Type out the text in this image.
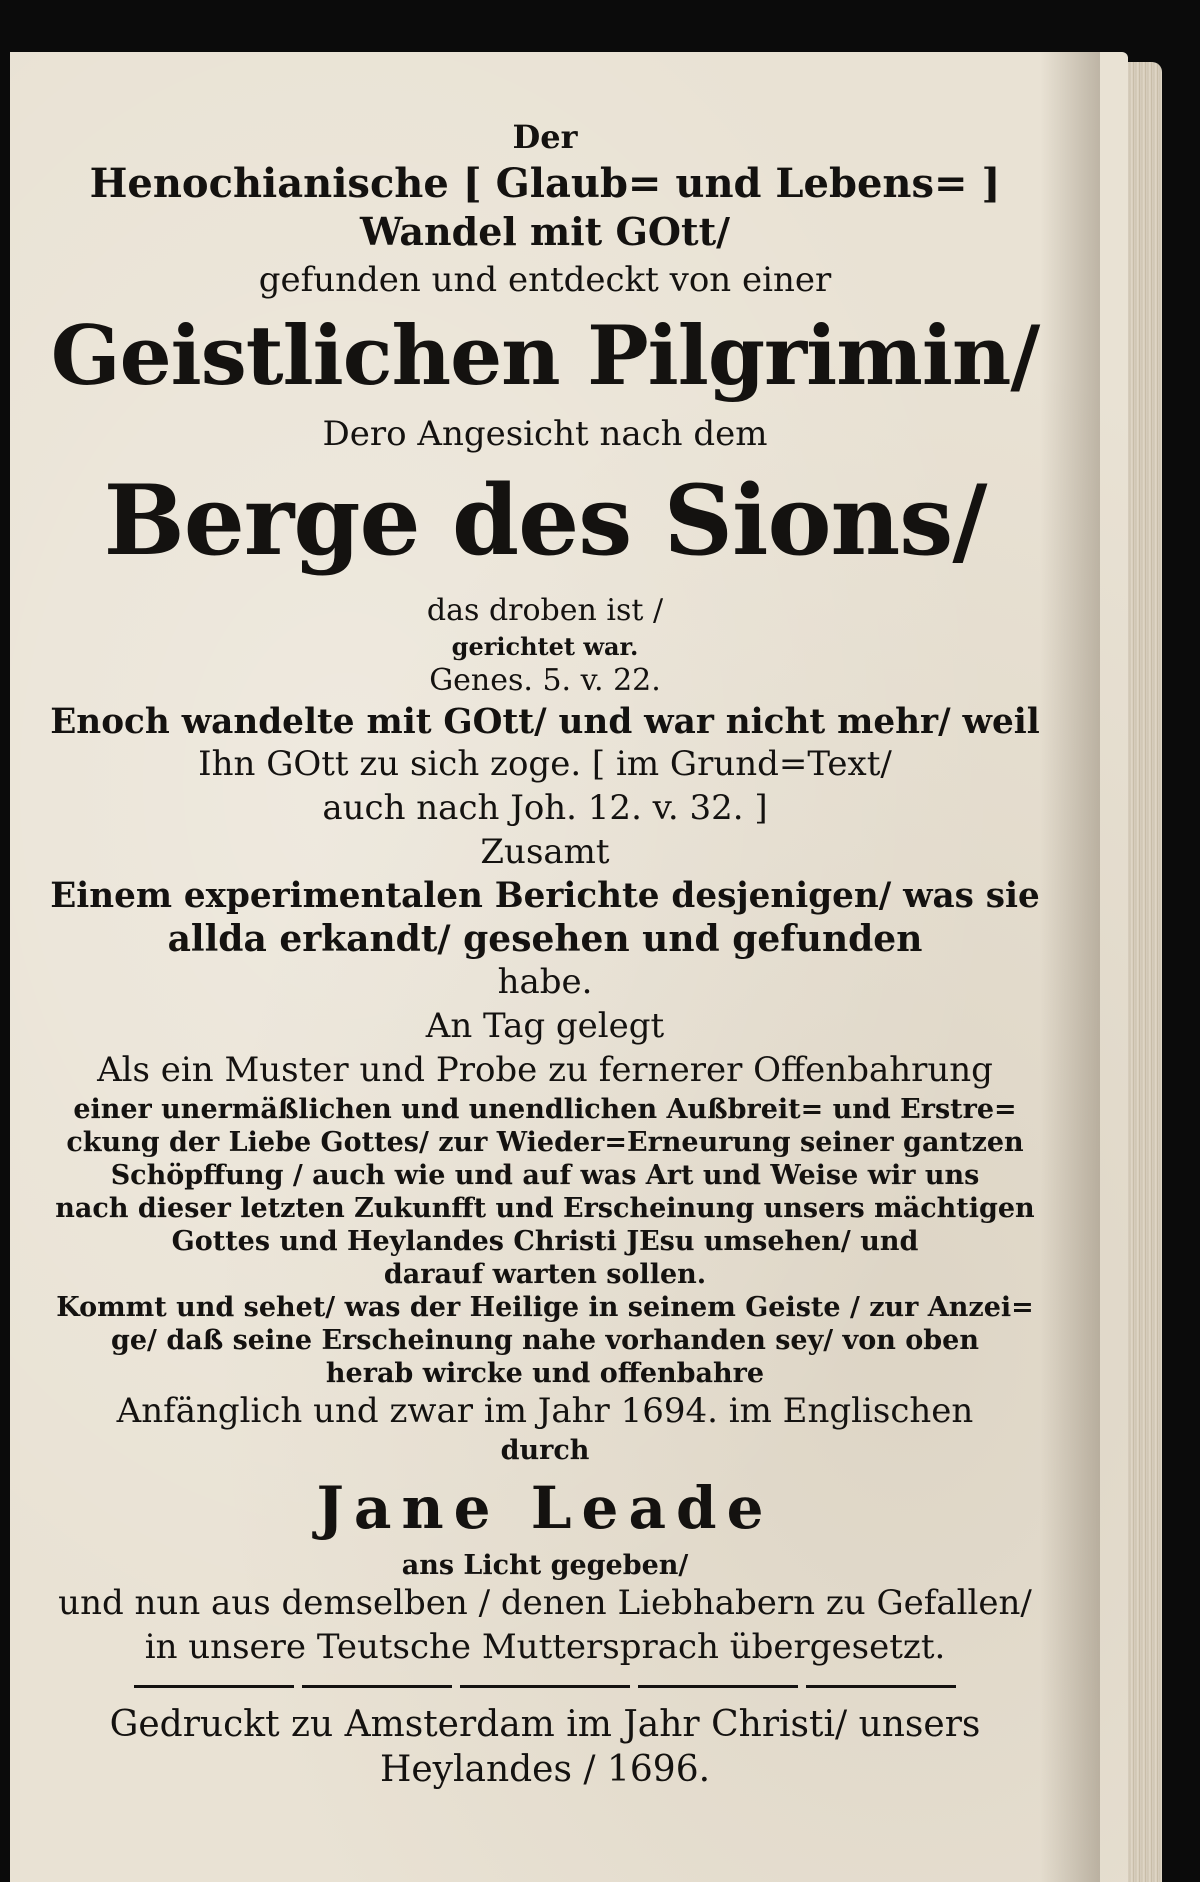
Der
Henochianische [ Glaub= und Lebens= ]
Wandel mit GOtt/
gefunden und entdeckt von einer
Geistlichen Pilgrimin/
Dero Angesicht nach dem
Berge des Sions/
das droben ist /
gerichtet war.
Genes. 5. v. 22.
Enoch wandelte mit GOtt/ und war nicht mehr/ weil
Ihn GOtt zu sich zoge. [ im Grund=Text/
auch nach Joh. 12. v. 32. ]
Zusamt
Einem experimentalen Berichte desjenigen/ was sie
allda erkandt/ gesehen und gefunden
habe.
An Tag gelegt
Als ein Muster und Probe zu fernerer Offenbahrung
einer unermäßlichen und unendlichen Außbreit= und Erstre=
ckung der Liebe Gottes/ zur Wieder=Erneurung seiner gantzen
Schöpffung / auch wie und auf was Art und Weise wir uns
nach dieser letzten Zukunfft und Erscheinung unsers mächtigen
Gottes und Heylandes Christi JEsu umsehen/ und
darauf warten sollen.
Kommt und sehet/ was der Heilige in seinem Geiste / zur Anzei=
ge/ daß seine Erscheinung nahe vorhanden sey/ von oben
herab wircke und offenbahre
Anfänglich und zwar im Jahr 1694. im Englischen
durch
Jane Leade
ans Licht gegeben/
und nun aus demselben / denen Liebhabern zu Gefallen/
in unsere Teutsche Muttersprach übergesetzt.
Gedruckt zu Amsterdam im Jahr Christi/ unsers
Heylandes / 1696.
